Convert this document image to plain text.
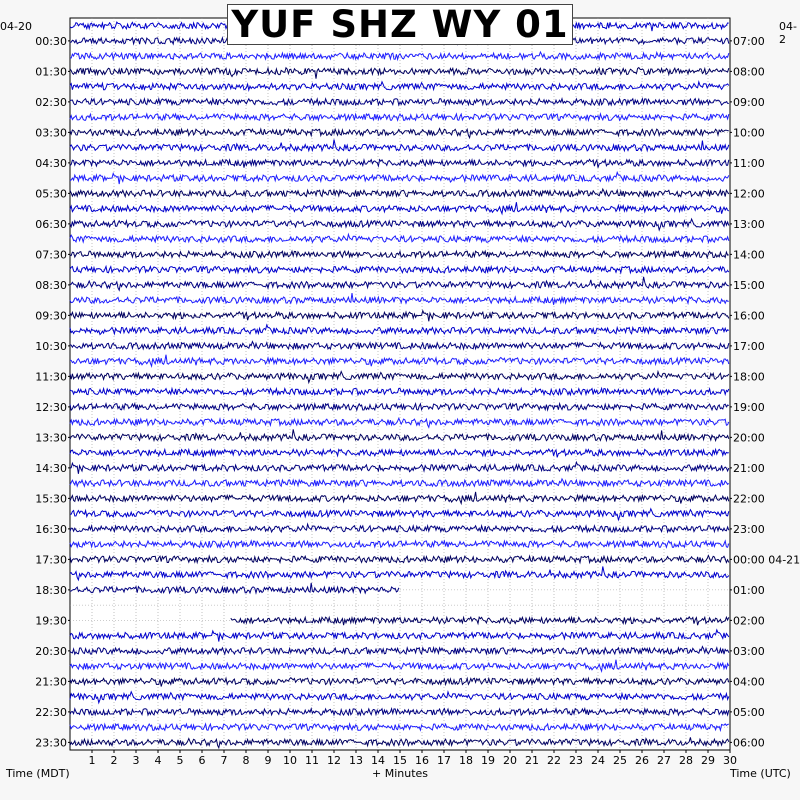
00:30
01:30
02:30
03:30
04:30
05:30
06:30
07:30
08:30
09:30
10:30
11:30
12:30
13:30
14:30
15:30
16:30
17:30
18:30
19:30
20:30
21:30
22:30
23:30
07:00
08:00
09:00
10:00
11:00
12:00
13:00
14:00
15:00
16:00
17:00
18:00
19:00
20:00
21:00
22:00
23:00
00:00 04-21
01:00
02:00
03:00
04:00
05:00
06:00
1 2 3 4 5 6 7 8 9 10 11 12 13 14 15 16 17 18 19 20 21 22 23 24 25 26 27 28 29 30
YUF SHZ WY 01
04-20	04-2
Time (MDT)	+ Minutes	Time (UTC)
